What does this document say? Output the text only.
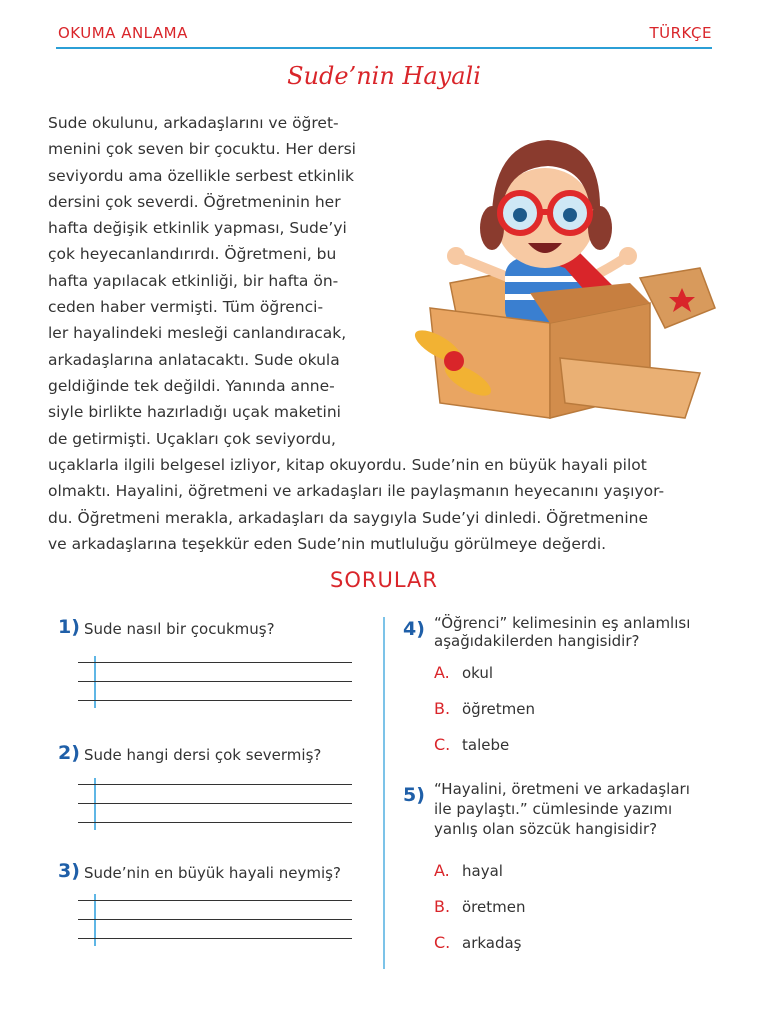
OKUMA ANLAMA	TÜRKÇE
Sude’nin Hayali
Sude okulunu, arkadaşlarını ve öğret-
menini çok seven bir çocuktu. Her dersi
seviyordu ama özellikle serbest etkinlik
dersini çok severdi. Öğretmeninin her
hafta değişik etkinlik yapması, Sude’yi
çok heyecanlandırırdı. Öğretmeni, bu
hafta yapılacak etkinliği, bir hafta ön-
ceden haber vermişti. Tüm öğrenci-
ler hayalindeki mesleği canlandıracak,
arkadaşlarına anlatacaktı. Sude okula
geldiğinde tek değildi. Yanında anne-
siyle birlikte hazırladığı uçak maketini
de getirmişti. Uçakları çok seviyordu,
uçaklarla ilgili belgesel izliyor, kitap okuyordu. Sude’nin en büyük hayali pilot
olmaktı. Hayalini, öğretmeni ve arkadaşları ile paylaşmanın heyecanını yaşıyor-
du. Öğretmeni merakla, arkadaşları da saygıyla Sude’yi dinledi. Öğretmenine
ve arkadaşlarına teşekkür eden Sude’nin mutluluğu görülmeye değerdi.
SORULAR
1) Sude nasıl bir çocukmuş?
2) Sude hangi dersi çok severmiş?
3) Sude’nin en büyük hayali neymiş?
4) “Öğrenci” kelimesinin eş anlamlısı
aşağıdakilerden hangisidir?
A. okul
B. öğretmen
C. talebe
5) “Hayalini, öretmeni ve arkadaşları
ile paylaştı.” cümlesinde yazımı
yanlış olan sözcük hangisidir?
A. hayal
B. öretmen
C. arkadaş
